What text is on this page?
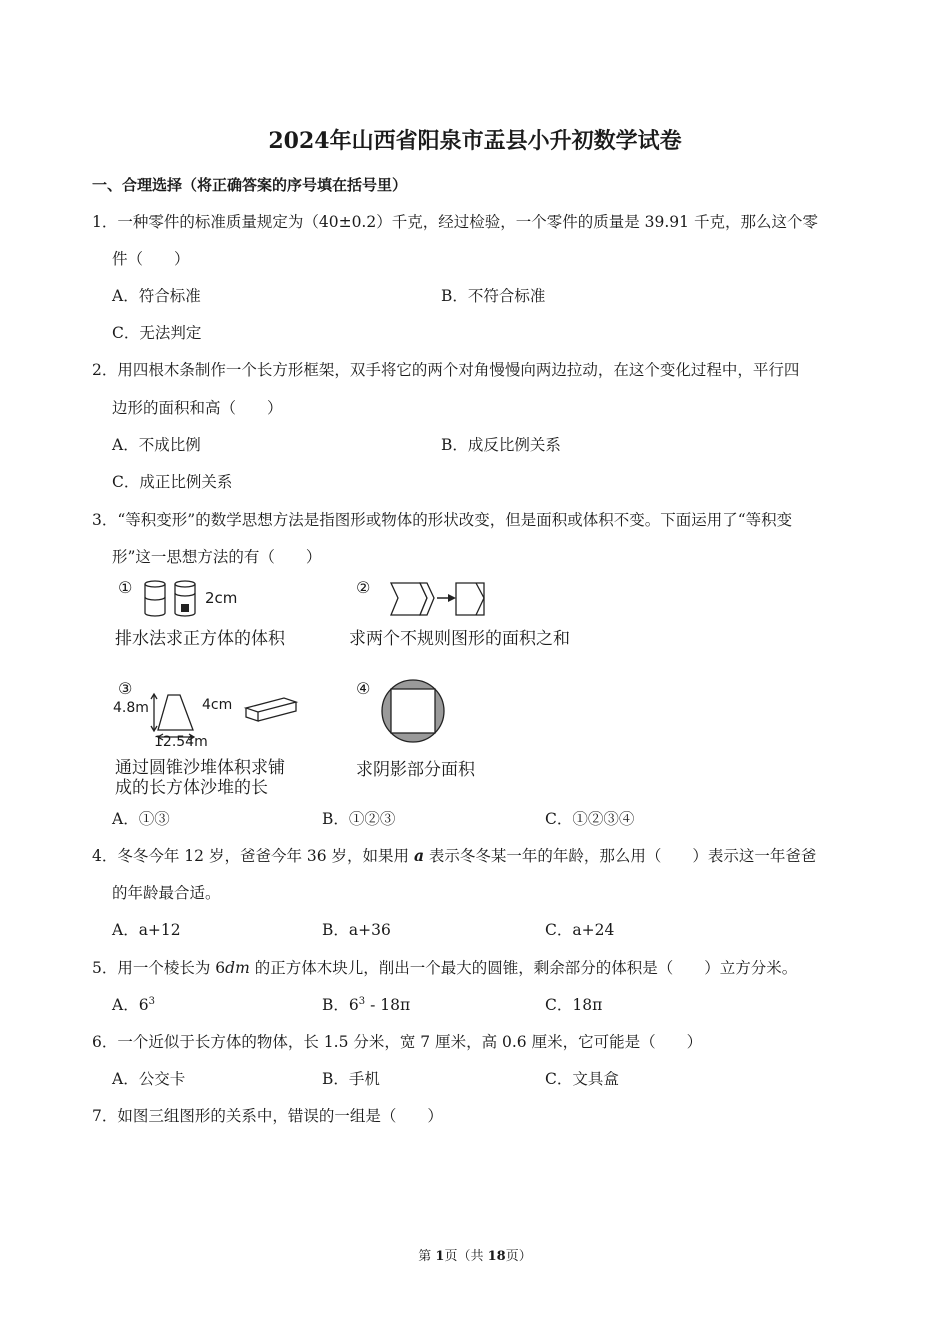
2024年山西省阳泉市盂县小升初数学试卷
一、合理选择（将正确答案的序号填在括号里）
1．一种零件的标准质量规定为（40±0.2）千克，经过检验，一个零件的质量是 39.91 千克，那么这个零
件（　　）
A．符合标准	B．不符合标准
C．无法判定
2．用四根木条制作一个长方形框架，双手将它的两个对角慢慢向两边拉动，在这个变化过程中，平行四
边形的面积和高（　　）
A．不成比例	B．成反比例关系
C．成正比例关系
3．“等积变形”的数学思想方法是指图形或物体的形状改变，但是面积或体积不变。下面运用了“等积变
形”这一思想方法的有（　　）
①
2cm
排水法求正方体的体积
②
求两个不规则图形的面积之和
③
4.8m	4cm
12.54m
通过圆锥沙堆体积求铺
成的长方体沙堆的长
④
求阴影部分面积
A．①③	B．①②③	C．①②③④
4．冬冬今年 12 岁，爸爸今年 36 岁，如果用 a 表示冬冬某一年的年龄，那么用（　　）表示这一年爸爸
的年龄最合适。
A．a+12	B．a+36	C．a+24
5．用一个棱长为 6dm 的正方体木块儿，削出一个最大的圆锥，剩余部分的体积是（　　）立方分米。
A．$6^3$	B．$6^3 - 18\pi$	C．18π
6．一个近似于长方体的物体，长 1.5 分米，宽 7 厘米，高 0.6 厘米，它可能是（　　）
A．公交卡	B．手机	C．文具盒
7．如图三组图形的关系中，错误的一组是（　　）
第 1页（共 18页）
